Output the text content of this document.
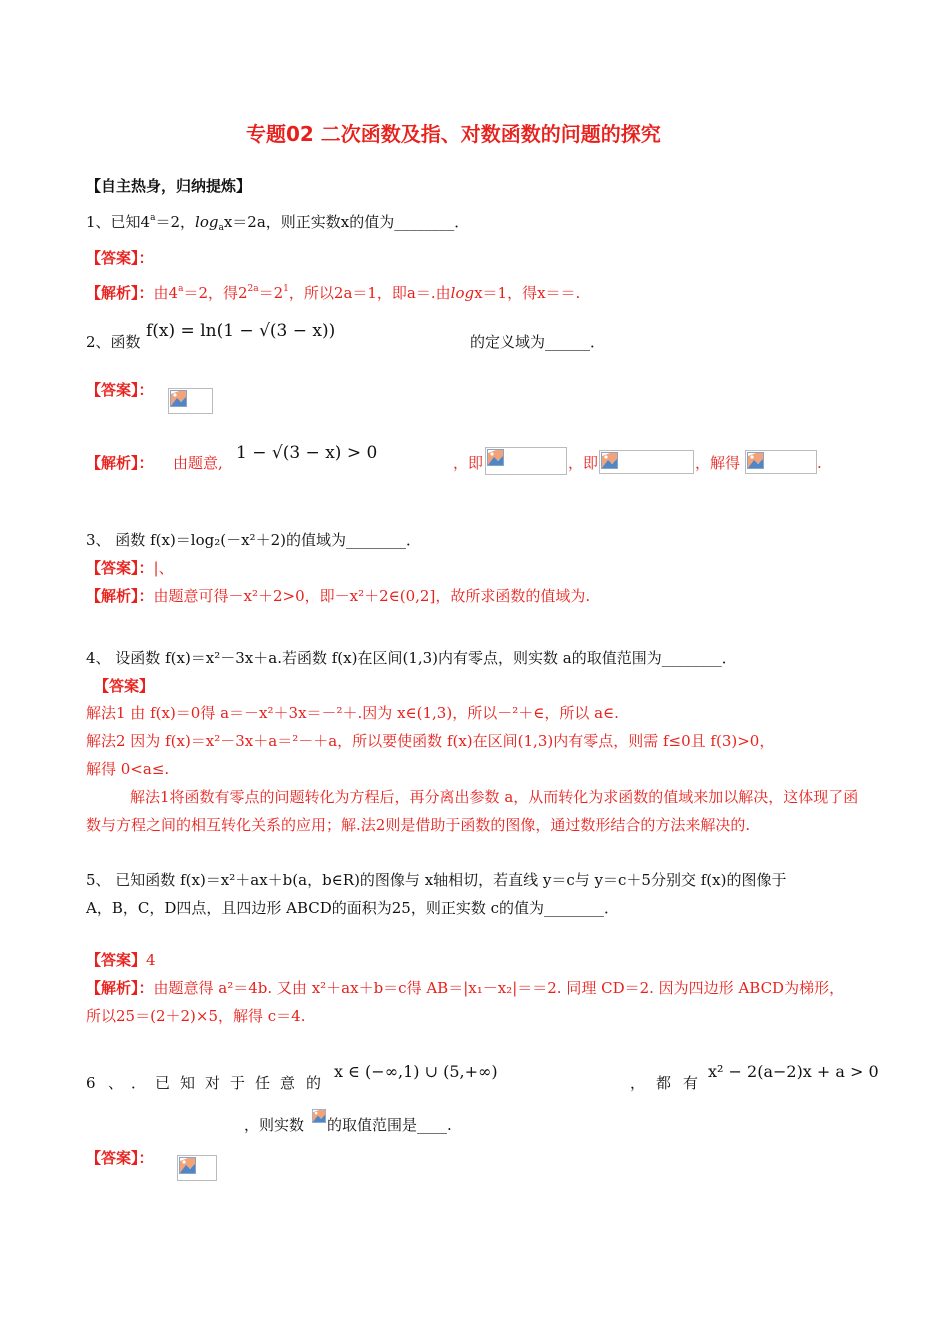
专题02 二次函数及指、对数函数的问题的探究
【自主热身，归纳提炼】
1、已知$4^a=2$，$\log_ax=2a$，则正实数x的值为________．
【答案】：
【解析】：由$4^a=2$，得$2^{2a}=2^1$，所以2a＝1，即a＝.由logx＝1，得x＝＝.
2、函数
f(x) = ln(1 − √(3 − x))
的定义域为______．
【答案】：
【解析】： 由题意, 1 − √(3 − x) > 0	，即	，即	，解得	.
3、 函数 f(x)＝log₂(－x²＋2)的值域为________．
【答案】：|、
【解析】：由题意可得－x²＋2>0，即－x²＋2∈(0,2]，故所求函数的值域为.
4、 设函数 f(x)＝x²－3x＋a.若函数 f(x)在区间(1,3)内有零点，则实数 a的取值范围为________．
【答案】
解法1 由 f(x)＝0得 a＝－x²＋3x＝－²＋.因为 x∈(1,3)，所以－²＋∈，所以 a∈.
解法2 因为 f(x)＝x²－3x＋a＝²－＋a，所以要使函数 f(x)在区间(1,3)内有零点，则需 f≤0且 f(3)>0，
解得 0<a≤.
解法1将函数有零点的问题转化为方程后，再分离出参数 a，从而转化为求函数的值域来加以解决，这体现了函数与方程之间的相互转化关系的应用；解.法2则是借助于函数的图像，通过数形结合的方法来解决的.
5、 已知函数 f(x)＝x²＋ax＋b(a，b∈R)的图像与 x轴相切，若直线 y＝c与 y＝c＋5分别交 f(x)的图像于
A，B，C，D四点，且四边形 ABCD的面积为25，则正实数 c的值为________．
【答案】4
【解析】：由题意得 a²＝4b. 又由 x²＋ax＋b＝c得 AB＝|x₁－x₂|＝＝2. 同理 CD＝2. 因为四边形 ABCD为梯形，
所以25＝(2＋2)×5，解得 c＝4.
6 、 ． 已 知 对 于 任 意 的
x ∈ (−∞,1) ∪ (5,+∞)
， 都 有
x² − 2(a−2)x + a > 0
，则实数 的取值范围是____.
【答案】：
